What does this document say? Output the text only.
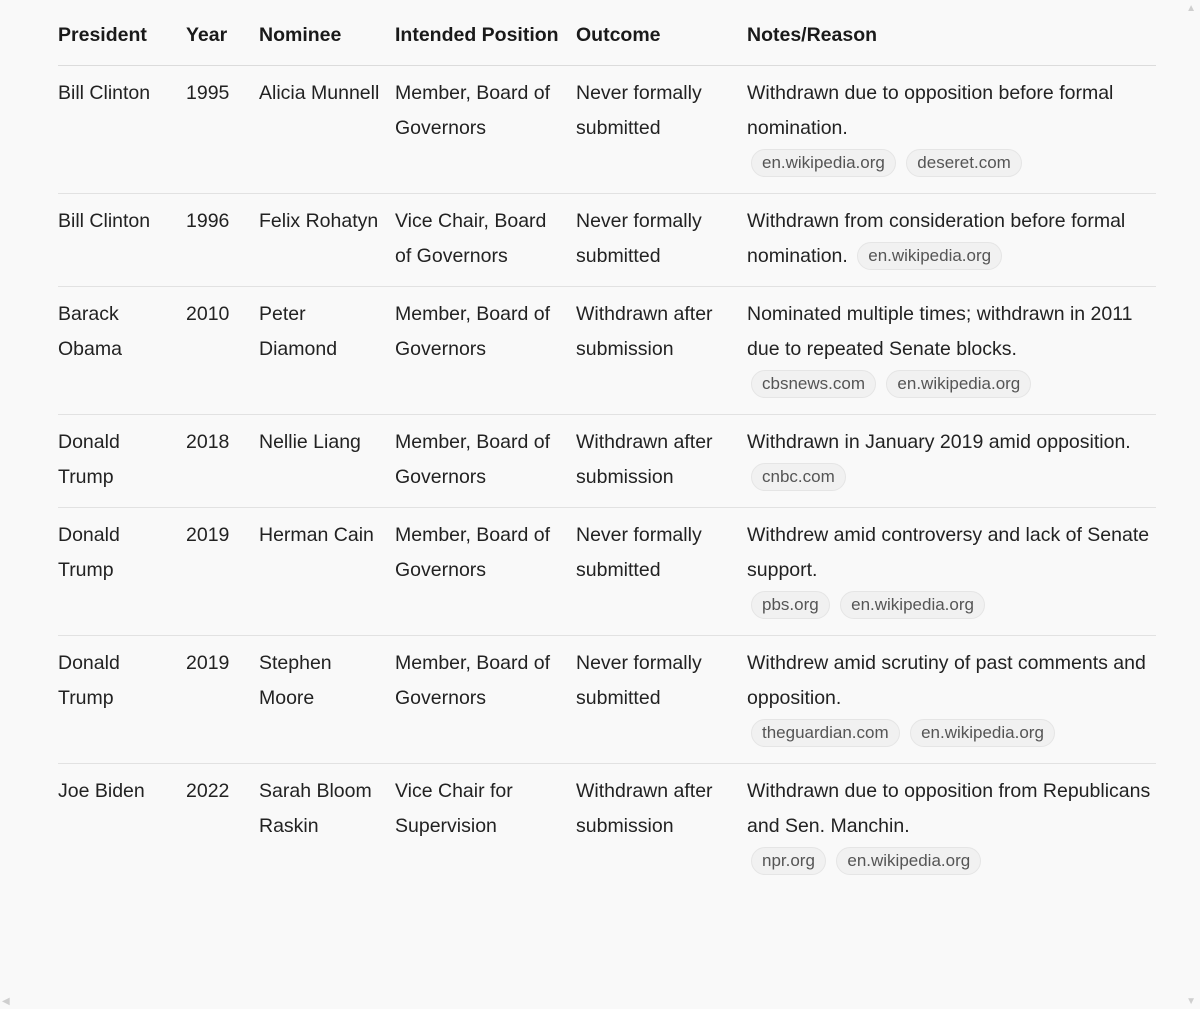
President	Year	Nominee	Intended Position	Outcome	Notes/Reason
Bill Clinton	1995	Alicia Munnell	Member, Board of Governors	Never formally submitted	Withdrawn due to opposition before formal nomination.
en.wikipedia.org deseret.com

Bill Clinton	1996	Felix Rohatyn	Vice Chair, Board of Governors	Never formally submitted	Withdrawn from consideration before formal nomination. en.wikipedia.org
Barack Obama	2010	Peter Diamond	Member, Board of Governors	Withdrawn after submission	Nominated multiple times; withdrawn in 2011 due to repeated Senate blocks.
cbsnews.com en.wikipedia.org

Donald Trump	2018	Nellie Liang	Member, Board of Governors	Withdrawn after submission	Withdrawn in January 2019 amid opposition. cnbc.com
Donald Trump	2019	Herman Cain	Member, Board of Governors	Never formally submitted	Withdrew amid controversy and lack of Senate support.
pbs.org en.wikipedia.org

Donald Trump	2019	Stephen Moore	Member, Board of Governors	Never formally submitted	Withdrew amid scrutiny of past comments and opposition.
theguardian.com en.wikipedia.org

Joe Biden	2022	Sarah Bloom Raskin	Vice Chair for Supervision	Withdrawn after submission	Withdrawn due to opposition from Republicans and Sen. Manchin.
npr.org en.wikipedia.org
▲
▼
◀
